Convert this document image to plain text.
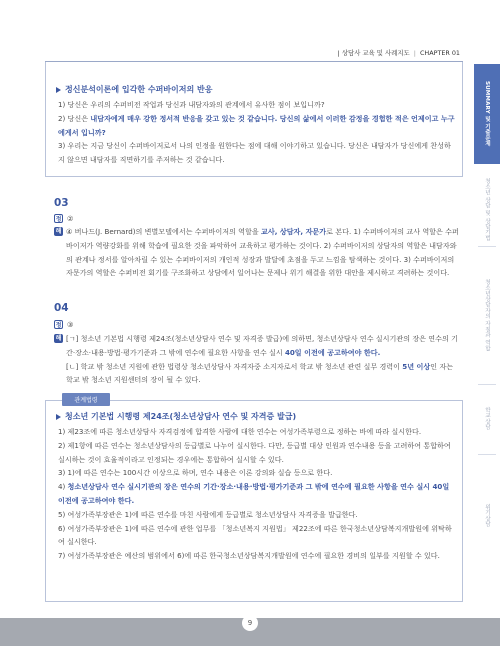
| 상담사 교육 및 사례지도 | CHAPTER 01
SUMMARY 및 기출문제
청소년 상담 및 상담기법
청소년상담자의 자질과 역할
학교상담
위기상담
정신분석이론에 입각한 수퍼바이저의 반응
1) 당신은 우리의 수퍼비전 작업과 당신과 내담자와의 관계에서 유사한 점이 보입니까?
2) 당신은 내담자에게 매우 강한 정서적 반응을 갖고 있는 것 같습니다. 당신의 삶에서 이러한 감정을 경험한 적은 언제이고 누구에게서 입니까?
3) 우리는 지금 당신이 수퍼바이저로서 나의 인정을 원한다는 점에 대해 이야기하고 있습니다. 당신은 내담자가 당신에게 찬성하지 않으면 내담자를 직면하기를 주저하는 것 같습니다.
03
정 ②
해 ④ 버나드(J. Bernard)의 변별모델에서는 수퍼바이저의 역할을 교사, 상담자, 자문가로 본다. 1) 수퍼바이저의 교사 역할은 수퍼바이저가 역량강화를 위해 학습에 필요한 것을 파악하여 교육하고 평가하는 것이다. 2) 수퍼바이저의 상담자의 역할은 내담자와의 관계나 정서를 알아차릴 수 있는 수퍼바이저의 개인적 성장과 발달에 초점을 두고 느낌을 탐색하는 것이다. 3) 수퍼바이저의 자문가의 역할은 수퍼비전 회기를 구조화하고 상담에서 일어나는 문제나 위기 해결을 위한 대안을 제시하고 격려하는 것이다.
04
정 ③
해 [ㄱ] 청소년 기본법 시행령 제24조(청소년상담사 연수 및 자격증 발급)에 의하면, 청소년상담사 연수 실시기관의 장은 연수의 기간·장소·내용·방법·평가기준과 그 밖에 연수에 필요한 사항을 연수 실시 40일 이전에 공고하여야 한다.
[ㄴ] 학교 밖 청소년 지원에 관한 법령상 청소년상담사 자격자중 소지자로서 학교 밖 청소년 관련 실무 경력이 5년 이상인 자는 학교 밖 청소년 지원센터의 장이 될 수 있다.
청소년 기본법 시행령 제24조(청소년상담사 연수 및 자격증 발급)
1) 제23조에 따른 청소년상담사 자격검정에 합격한 사람에 대한 연수는 여성가족부령으로 정하는 바에 따라 실시한다.
2) 제1항에 따른 연수는 청소년상담사의 등급별로 나누어 실시한다. 다만, 등급별 대상 인원과 연수내용 등을 고려하여 통합하여 실시하는 것이 효율적이라고 인정되는 경우에는 통합하여 실시할 수 있다.
3) 1)에 따른 연수는 100시간 이상으로 하며, 연수 내용은 이론 강의와 실습 등으로 한다.
4) 청소년상담사 연수 실시기관의 장은 연수의 기간·장소·내용·방법·평가기준과 그 밖에 연수에 필요한 사항을 연수 실시 40일 이전에 공고하여야 한다.
5) 여성가족부장관은 1)에 따른 연수를 마친 사람에게 등급별로 청소년상담사 자격증을 발급한다.
6) 여성가족부장관은 1)에 따른 연수에 관한 업무를 「청소년복지 지원법」 제22조에 따른 한국청소년상담복지개발원에 위탁하여 실시한다.
7) 여성가족부장관은 예산의 범위에서 6)에 따른 한국청소년상담복지개발원에 연수에 필요한 경비의 일부를 지원할 수 있다.
관계법령
9
